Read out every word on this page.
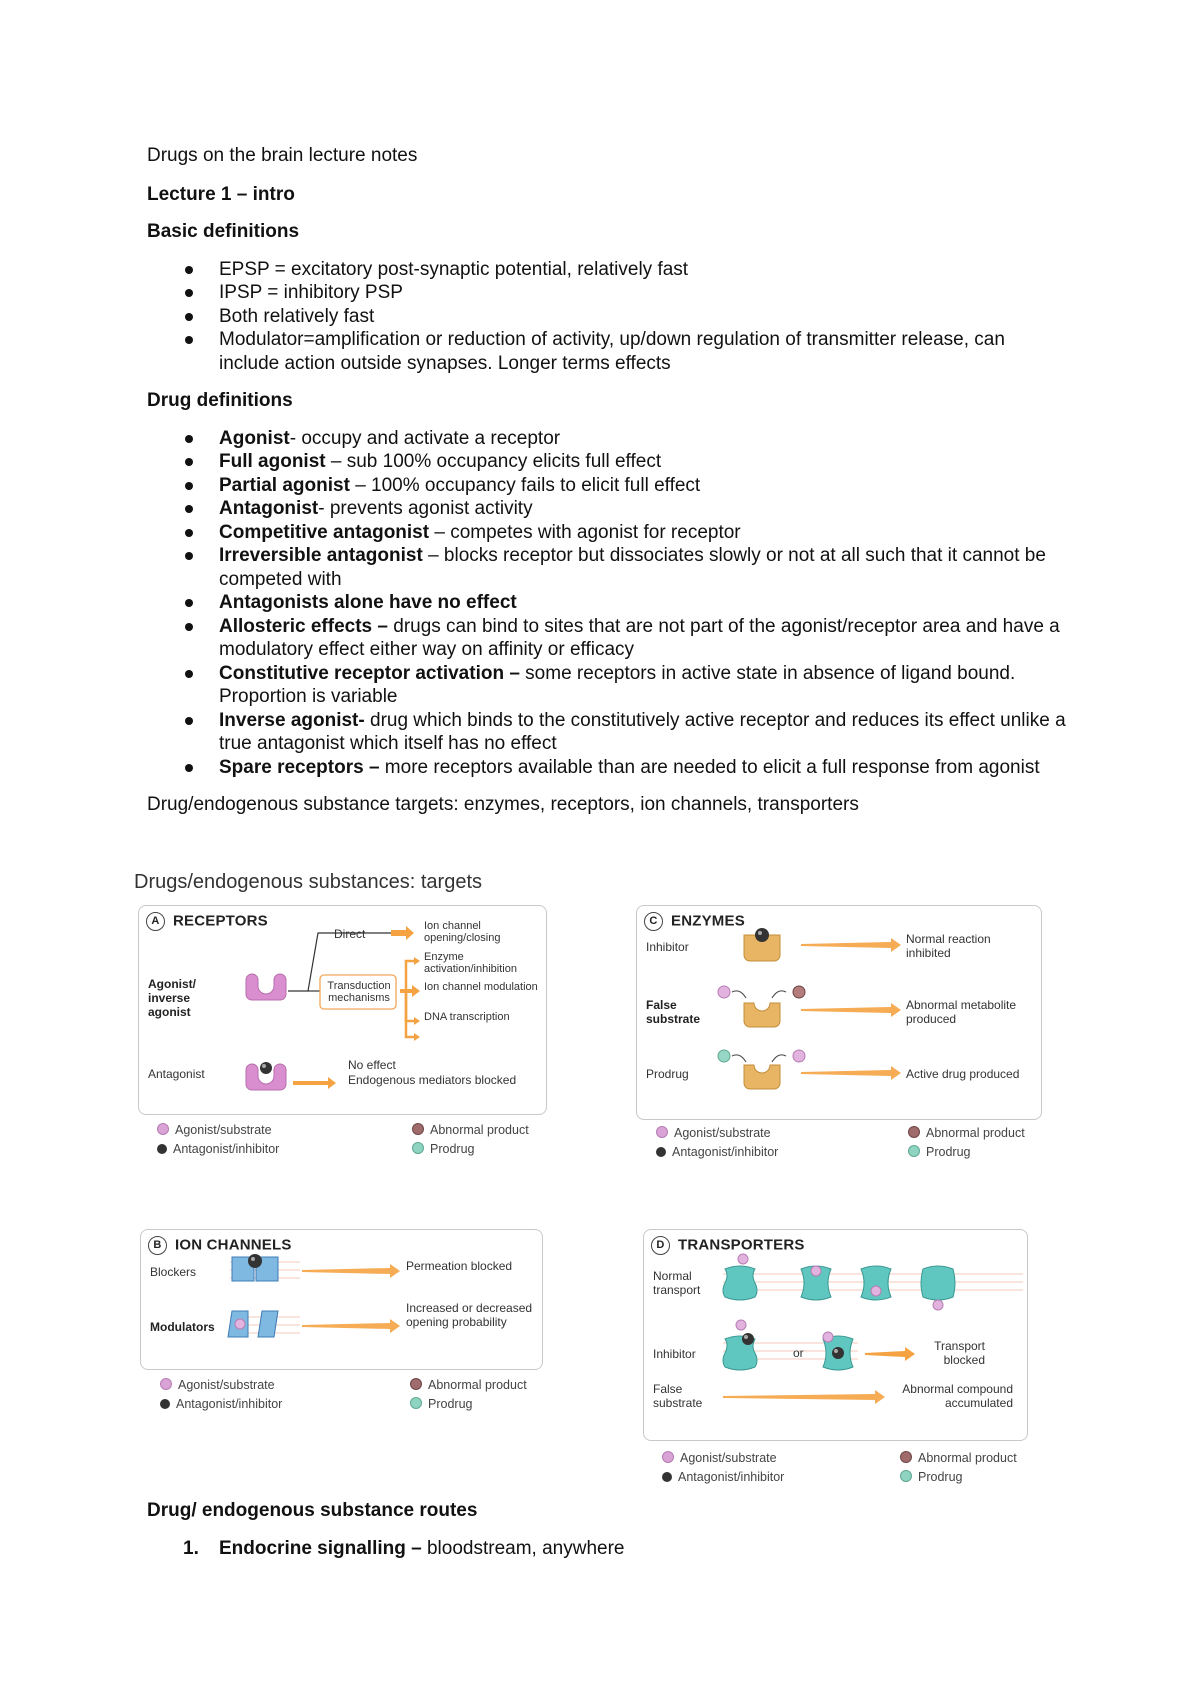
Drugs on the brain lecture notes

Lecture 1 – intro

Basic definitions

EPSP = excitatory post-synaptic potential, relatively fast
IPSP = inhibitory PSP
Both relatively fast
Modulator=amplification or reduction of activity, up/down regulation of transmitter release, can include action outside synapses. Longer terms effects

Drug definitions

Agonist- occupy and activate a receptor
Full agonist – sub 100% occupancy elicits full effect
Partial agonist – 100% occupancy fails to elicit full effect
Antagonist- prevents agonist activity
Competitive antagonist – competes with agonist for receptor
Irreversible antagonist – blocks receptor but dissociates slowly or not at all such that it cannot be competed with
Antagonists alone have no effect
Allosteric effects – drugs can bind to sites that are not part of the agonist/receptor area and have a modulatory effect either way on affinity or efficacy
Constitutive receptor activation – some receptors in active state in absence of ligand bound. Proportion is variable
Inverse agonist- drug which binds to the constitutively active receptor and reduces its effect unlike a true antagonist which itself has no effect
Spare receptors – more receptors available than are needed to elicit a full response from agonist

Drug/endogenous substance targets: enzymes, receptors, ion channels, transporters

Drugs/endogenous substances: targets
A RECEPTORS
Direct
Ion channel opening/closing
Transduction mechanisms
Enzyme activation/inhibition
Ion channel modulation
DNA transcription
Agonist/ inverse agonist
Antagonist
No effect
Endogenous mediators blocked
Agonist/substrate
Antagonist/inhibitor
Abnormal product
Prodrug
C ENZYMES
Inhibitor
Normal reaction inhibited
False substrate
Abnormal metabolite produced
Prodrug	Active drug produced
Agonist/substrate
Antagonist/inhibitor
Abnormal product
Prodrug
B ION CHANNELS
Blockers	Permeation blocked
Modulators
Increased or decreased opening probability
Agonist/substrate
Antagonist/inhibitor
Abnormal product
Prodrug
D TRANSPORTERS
Normal transport
Inhibitor	or	Transport blocked
False substrate
Abnormal compound accumulated
Agonist/substrate
Antagonist/inhibitor
Abnormal product
Prodrug

Drug/ endogenous substance routes

1. Endocrine signalling – bloodstream, anywhere
